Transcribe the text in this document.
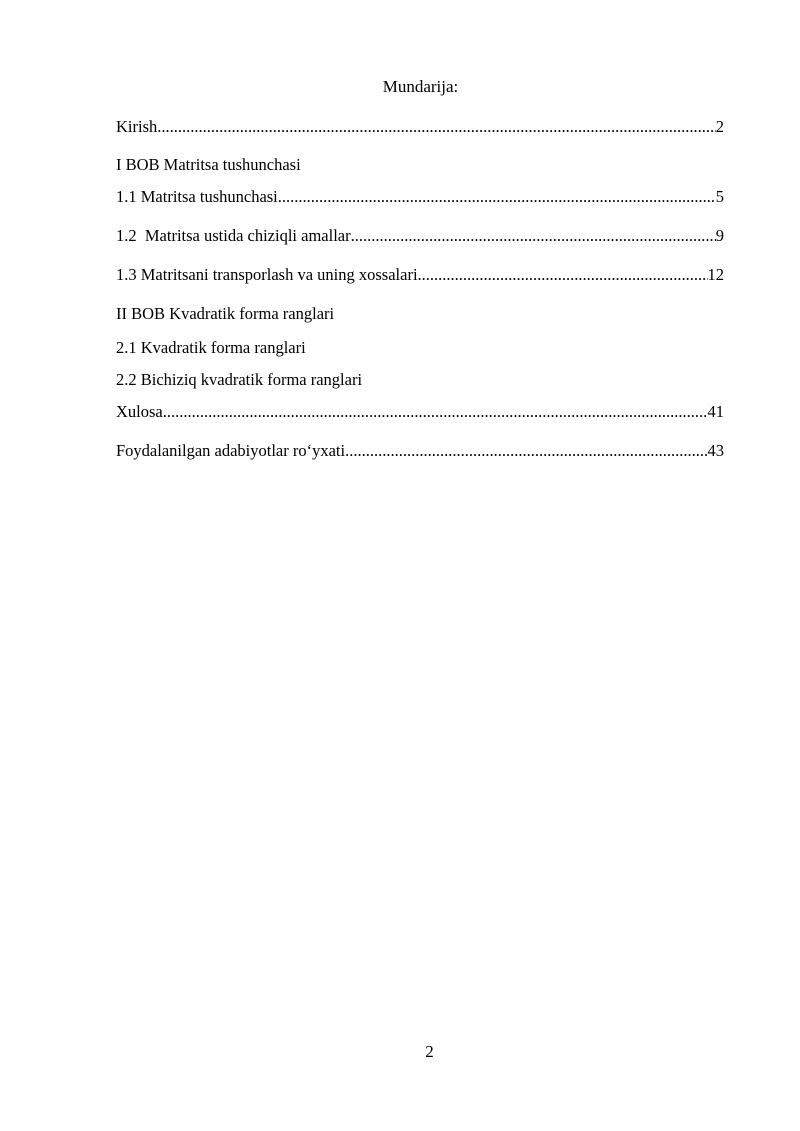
Mundarija:
Kirish .....	2
I BOB Matritsa tushunchasi
1.1 Matritsa tushunchasi .....	5
1.2  Matritsa ustida chiziqli amallar .....	9
1.3 Matritsani transporlash va uning xossalari .....	12
II BOB Kvadratik forma ranglari
2.1 Kvadratik forma ranglari
2.2 Bichiziq kvadratik forma ranglari
Xulosa .....	41
Foydalanilgan adabiyotlar ro‘yxati .....	43
2
